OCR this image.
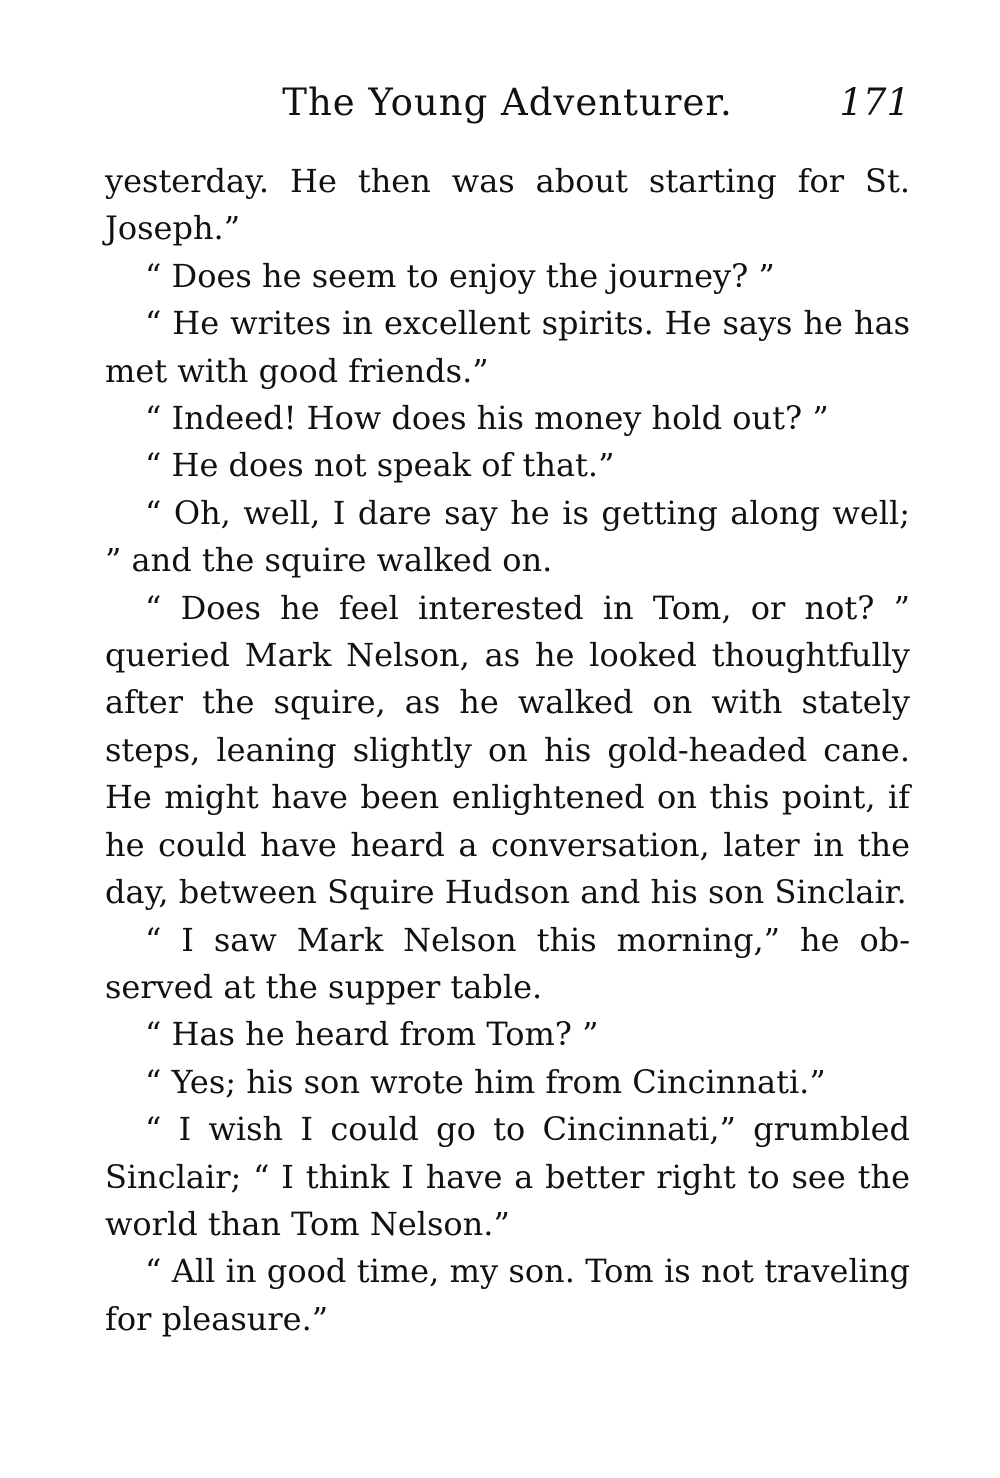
The Young Adventurer.	171

yesterday. He then was about starting for St. Joseph.”

“ Does he seem to enjoy the journey? ”

“ He writes in excellent spirits. He says he has met with good friends.”

“ Indeed! How does his money hold out? ”

“ He does not speak of that.”

“ Oh, well, I dare say he is getting along well; ” and the squire walked on.

“ Does he feel interested in Tom, or not? ” queried Mark Nelson, as he looked thoughtfully after the squire, as he walked on with stately steps, leaning slightly on his gold-headed cane. He might have been enlightened on this point, if he could have heard a conversation, later in the day, between Squire Hudson and his son Sinclair.

“ I saw Mark Nelson this morning,” he observed at the supper table.

“ Has he heard from Tom? ”

“ Yes; his son wrote him from Cincinnati.”

“ I wish I could go to Cincinnati,” grumbled Sinclair; “ I think I have a better right to see the world than Tom Nelson.”

“ All in good time, my son. Tom is not traveling for pleasure.”
